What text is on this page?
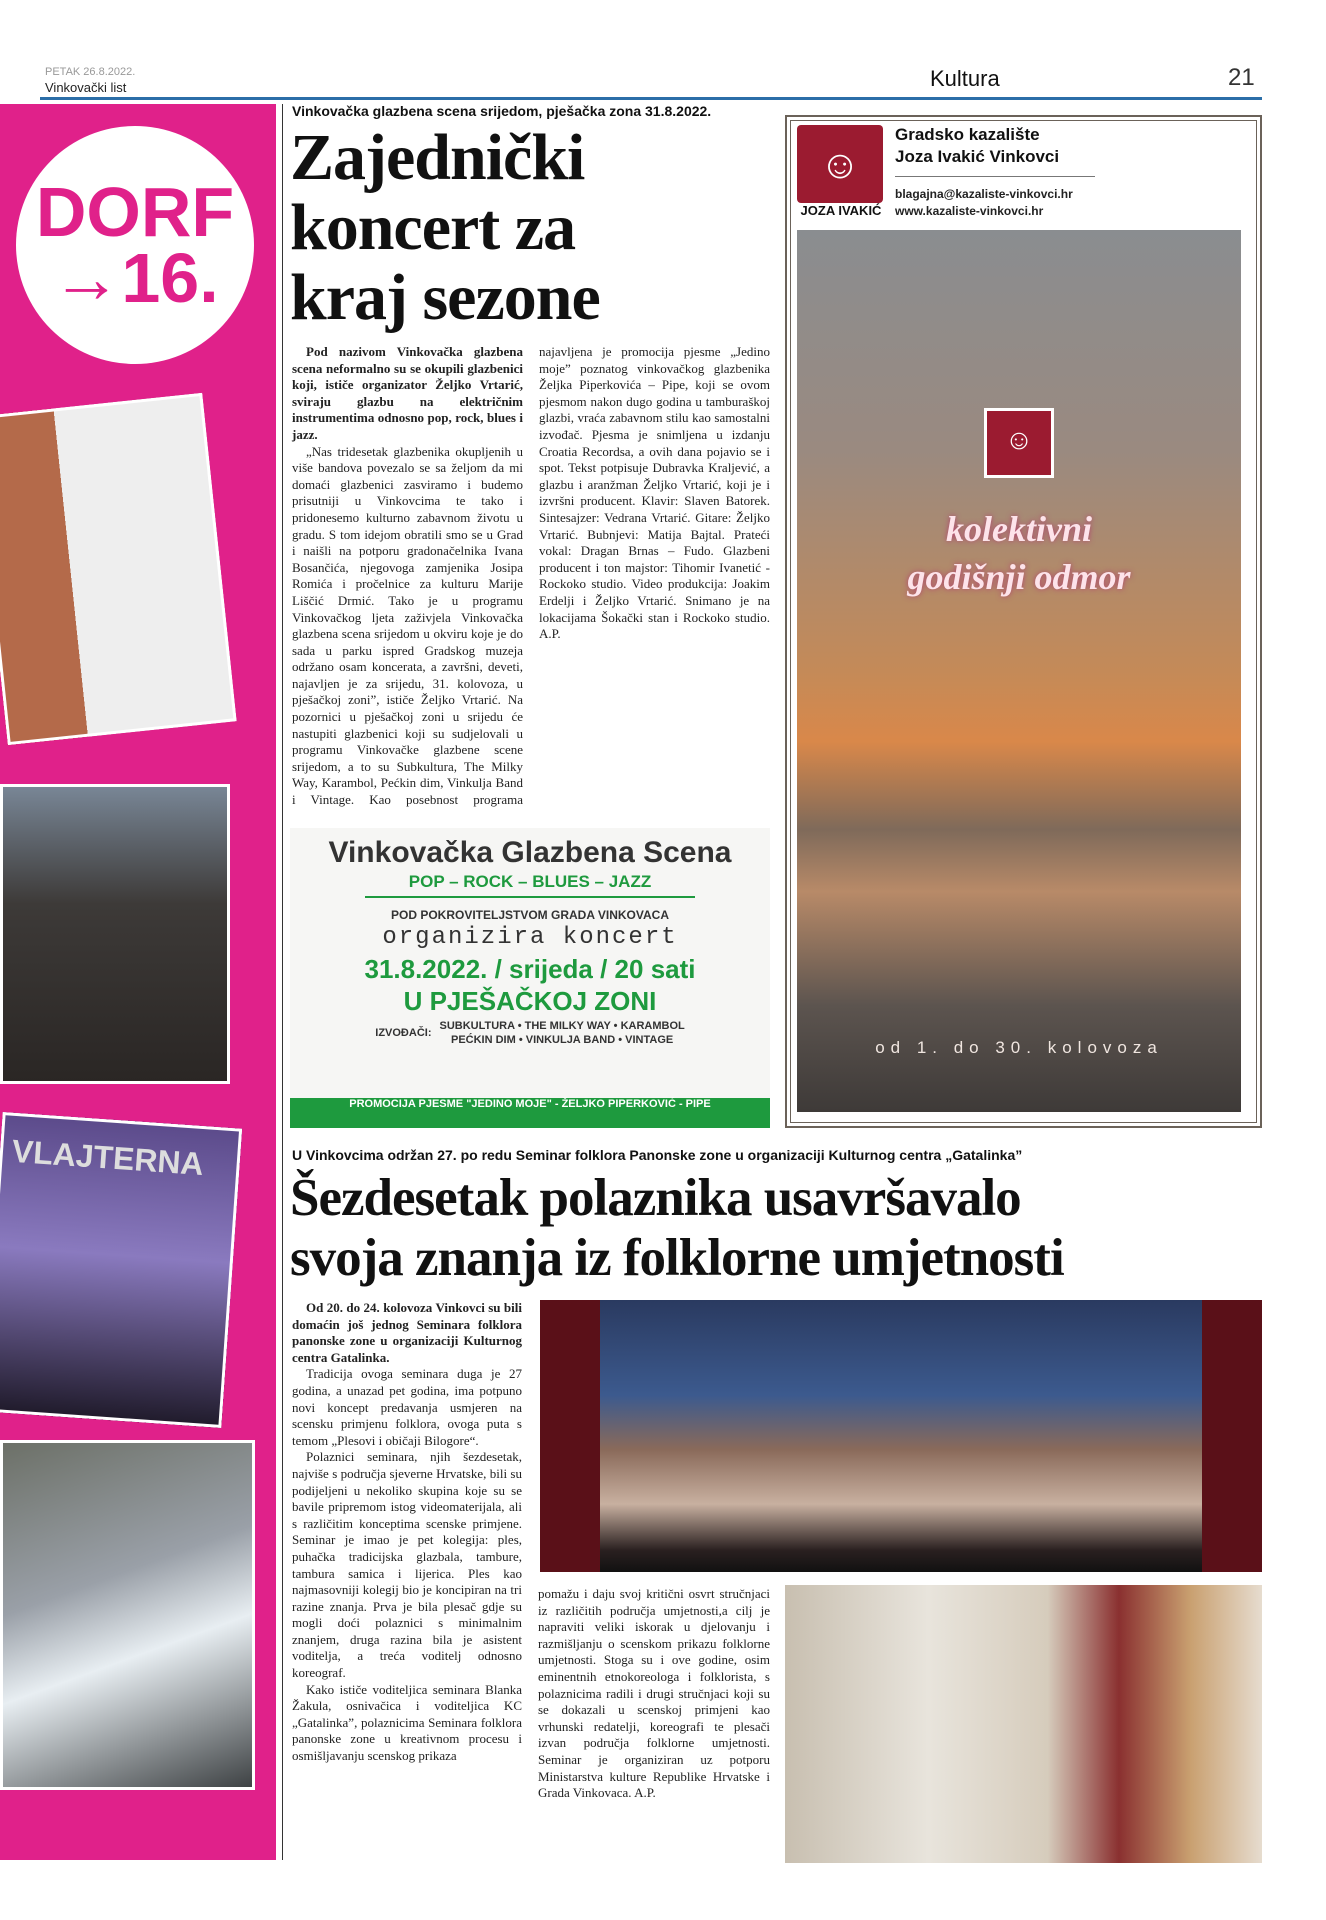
PETAK 26.8.2022.
Vinkovački list	Kultura	21
VLAJTERNA
DORF
→16.
Vinkovačka glazbena scena srijedom, pješačka zona 31.8.2022.
Zajednički
koncert za
kraj sezone

Pod nazivom Vinkovačka glazbena scena neformalno su se okupili glazbenici koji, ističe organizator Željko Vrtarić, sviraju glazbu na električnim instrumentima odnosno pop, rock, blues i jazz.

„Nas tridesetak glazbenika okupljenih u više bandova povezalo se sa željom da mi domaći glazbenici zasviramo i budemo prisutniji u Vinkovcima te tako i pridonesemo kulturno zabavnom životu u gradu. S tom idejom obratili smo se u Grad i naišli na potporu gradonačelnika Ivana Bosančića, njegovoga zamjenika Josipa Romića i pročelnice za kulturu Marije Liščić Drmić. Tako je u programu Vinkovačkog ljeta zaživjela Vinkovačka glazbena scena srijedom u okviru koje je do sada u parku ispred Gradskog muzeja održano osam koncerata, a završni, deveti, najavljen je za srijedu, 31. kolovoza, u pješačkoj zoni”, ističe Željko Vrtarić. Na pozornici u pješačkoj zoni u srijedu će nastupiti glazbenici koji su sudjelovali u programu Vinkovačke glazbene scene srijedom, a to su Subkultura, The Milky Way, Karambol, Pećkin dim, Vinkulja Band i Vintage. Kao posebnost programa najavljena je promocija pjesme „Jedino moje” poznatog vinkovačkog glazbenika Željka Piperkovića – Pipe, koji se ovom pjesmom nakon dugo godina u tamburaškoj glazbi, vraća zabavnom stilu kao samostalni izvođač. Pjesma je snimljena u izdanju Croatia Recordsa, a ovih dana pojavio se i spot. Tekst potpisuje Dubravka Kraljević, a glazbu i aranžman Željko Vrtarić, koji je i izvršni producent. Klavir: Slaven Batorek. Sintesajzer: Vedrana Vrtarić. Gitare: Željko Vrtarić. Bubnjevi: Matija Bajtal. Prateći vokal: Dragan Brnas – Fudo. Glazbeni producent i ton majstor: Tihomir Ivanetić -Rockoko studio. Video produkcija: Joakim Erdelji i Željko Vrtarić. Snimano je na lokacijama Šokački stan i Rockoko studio. A.P.

Vinkovačka Glazbena Scena
POP – ROCK – BLUES – JAZZ
POD POKROVITELJSTVOM GRADA VINKOVACA
organizira koncert
31.8.2022. / srijeda / 20 sati
U PJEŠAČKOJ ZONI
IZVOĐAČI:
SUBKULTURA • THE MILKY WAY • KARAMBOL
PEĆKIN DIM • VINKULJA BAND • VINTAGE
PROMOCIJA PJESME "JEDINO MOJE" - ŽELJKO PIPERKOVIĆ - PIPE
☺
JOZA IVAKIĆ
Gradsko kazalište
Joza Ivakić Vinkovci
blagajna@kazaliste-vinkovci.hr
www.kazaliste-vinkovci.hr
☺
kolektivni
godišnji odmor
od 1. do 30. kolovoza
U Vinkovcima održan 27. po redu Seminar folklora Panonske zone u organizaciji Kulturnog centra „Gatalinka”
Šezdesetak polaznika usavršavalo
svoja znanja iz folklorne umjetnosti

Od 20. do 24. kolovoza Vinkovci su bili domaćin još jednog Seminara folklora panonske zone u organizaciji Kulturnog centra Gatalinka.

Tradicija ovoga seminara duga je 27 godina, a unazad pet godina, ima potpuno novi koncept predavanja usmjeren na scensku primjenu folklora, ovoga puta s temom „Plesovi i običaji Bilogore“.

Polaznici seminara, njih šezdesetak, najviše s područja sjeverne Hrvatske, bili su podijeljeni u nekoliko skupina koje su se bavile pripremom istog videomaterijala, ali s različitim konceptima scenske primjene. Seminar je imao je pet kolegija: ples, puhačka tradicijska glazbala, tambure, tambura samica i lijerica. Ples kao najmasovniji kolegij bio je koncipiran na tri razine znanja. Prva je bila plesač gdje su mogli doći polaznici s minimalnim znanjem, druga razina bila je asistent voditelja, a treća voditelj odnosno koreograf.

Kako ističe voditeljica seminara Blanka Žakula, osnivačica i voditeljica KC „Gatalinka”, polaznicima Seminara folklora panonske zone u kreativnom procesu i osmišljavanju scenskog prikaza

pomažu i daju svoj kritični osvrt stručnjaci iz različitih područja umjetnosti,a cilj je napraviti veliki iskorak u djelovanju i razmišljanju o scenskom prikazu folklorne umjetnosti. Stoga su i ove godine, osim eminentnih etnokoreologa i folklorista, s polaznicima radili i drugi stručnjaci koji su se dokazali u scenskoj primjeni kao vrhunski redatelji, koreografi te plesači izvan područja folklorne umjetnosti. Seminar je organiziran uz potporu Ministarstva kulture Republike Hrvatske i Grada Vinkovaca. A.P.
